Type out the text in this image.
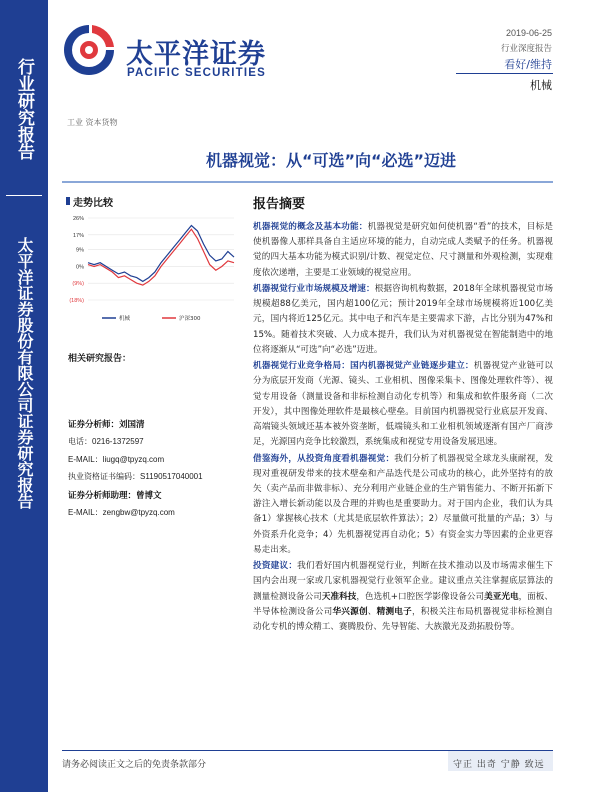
行业研究报告
太平洋证券股份有限公司证券研究报告
太平洋证券
PACIFIC SECURITIES
2019-06-25
行业深度报告
看好/维持
机械
工业 资本货物
机器视觉：从“可选”向“必选”迈进
走势比较
26%
17%
9%
0%
(9%)
(18%)
机械	沪深300
相关研究报告：
证券分析师：刘国清
电话：0216-1372597
E-MAIL：liugq@tpyzq.com
执业资格证书编码：S1190517040001
证券分析师助理：曾博文
E-MAIL：zengbw@tpyzq.com
报告摘要

机器视觉的概念及基本功能：机器视觉是研究如何使机器“看”的技术，目标是使机器像人那样具备自主适应环境的能力，自动完成人类赋予的任务。机器视觉的四大基本功能为模式识别/计数、视觉定位、尺寸测量和外观检测，实现难度依次递增，主要是工业领域的视觉应用。

机器视觉行业市场规模及增速：根据咨询机构数据，2018年全球机器视觉市场规模超88亿美元，国内超100亿元；预计2019年全球市场规模将近100亿美元，国内将近125亿元。其中电子和汽车是主要需求下游，占比分别为47%和15%。随着技术突破、人力成本提升，我们认为对机器视觉在智能制造中的地位将逐渐从“可选”向“必选”迈进。

机器视觉行业竞争格局：国内机器视觉产业链逐步建立：机器视觉产业链可以分为底层开发商（光源、镜头、工业相机、图像采集卡、图像处理软件等）、视觉专用设备（测量设备和非标检测自动化专机等）和集成和软件服务商（二次开发），其中图像处理软件是最核心壁垒。目前国内机器视觉行业底层开发商、高端镜头领域还基本被外资垄断，低端镜头和工业相机领域逐渐有国产厂商涉足，光源国内竞争比较激烈，系统集成和视觉专用设备发展迅速。

借鉴海外，从投资角度看机器视觉：我们分析了机器视觉全球龙头康耐视，发现对重视研发带来的技术壁垒和产品迭代是公司成功的核心，此外坚持有的放矢（卖产品而非做非标）、充分利用产业链企业的生产销售能力、不断开拓新下游注入增长新动能以及合理的并购也是重要助力。对于国内企业，我们认为具备1）掌握核心技术（尤其是底层软件算法）；2）尽量做可批量的产品；3）与外资系升化竞争；4）先机器视觉再自动化；5）有资金实力等因素的企业更容易走出来。

投资建议：我们看好国内机器视觉行业，判断在技术推动以及市场需求催生下国内会出现一家或几家机器视觉行业领军企业。建议重点关注掌握底层算法的测量检测设备公司天准科技，色选机+口腔医学影像设备公司美亚光电，面板、半导体检测设备公司华兴源创、精测电子，积极关注布局机器视觉非标检测自动化专机的博众精工、赛腾股份、先导智能、大族激光及劲拓股份等。

请务必阅读正文之后的免责条款部分	守正 出奇 宁静 致远
